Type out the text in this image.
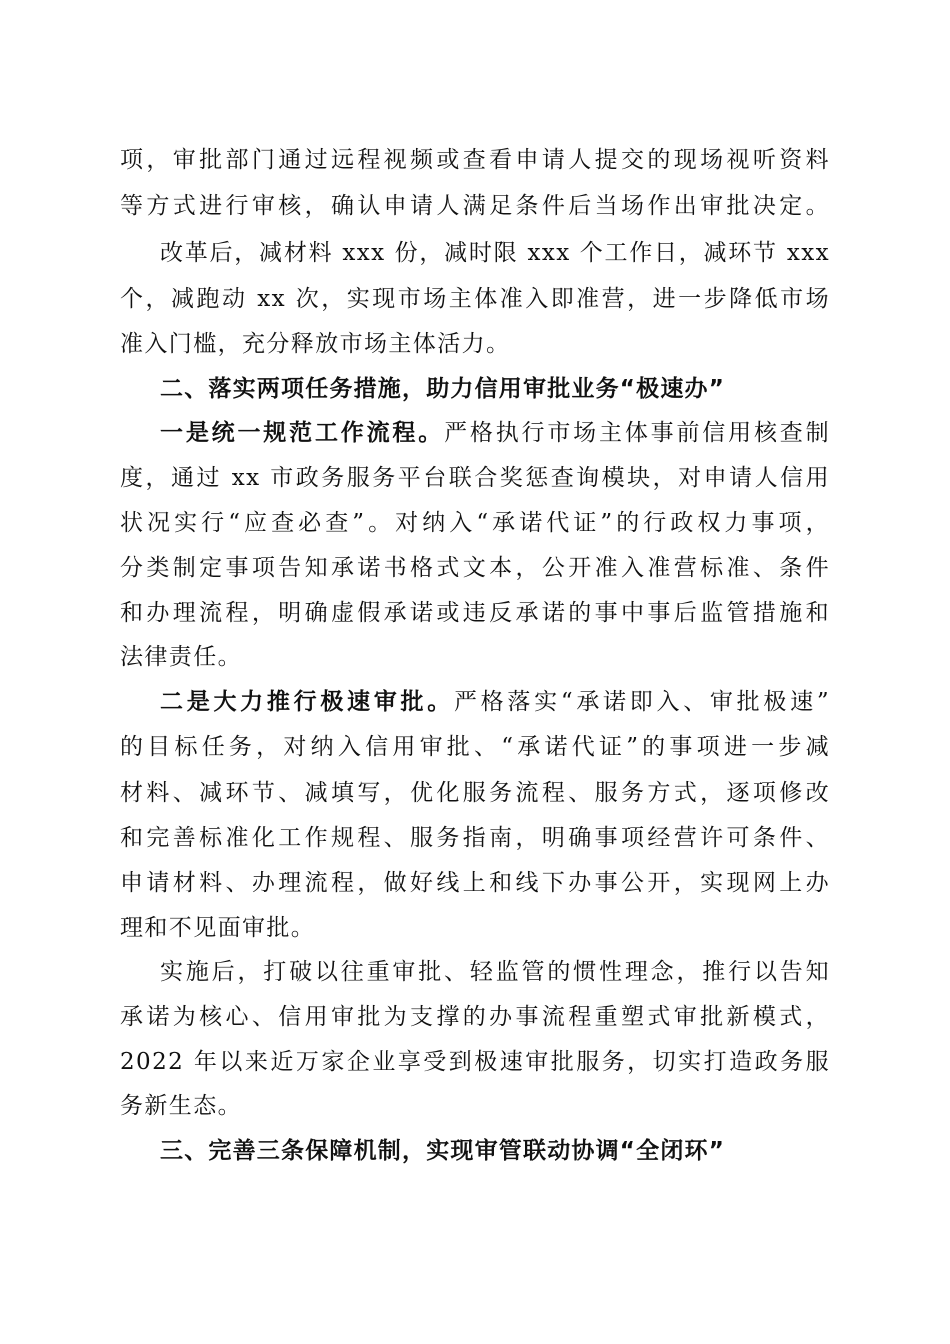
项，审批部门通过远程视频或查看申请人提交的现场视听资料
等方式进行审核，确认申请人满足条件后当场作出审批决定。
改革后，减材料 xxx 份，减时限 xxx 个工作日，减环节 xxx
个，减跑动 xx 次，实现市场主体准入即准营，进一步降低市场
准入门槛，充分释放市场主体活力。
二、落实两项任务措施，助力信用审批业务“极速办”
一是统一规范工作流程。严格执行市场主体事前信用核查制
度，通过 xx 市政务服务平台联合奖惩查询模块，对申请人信用
状况实行“应查必查”。对纳入“承诺代证”的行政权力事项，
分类制定事项告知承诺书格式文本，公开准入准营标准、条件
和办理流程，明确虚假承诺或违反承诺的事中事后监管措施和
法律责任。
二是大力推行极速审批。严格落实“承诺即入、审批极速”
的目标任务，对纳入信用审批、“承诺代证”的事项进一步减
材料、减环节、减填写，优化服务流程、服务方式，逐项修改
和完善标准化工作规程、服务指南，明确事项经营许可条件、
申请材料、办理流程，做好线上和线下办事公开，实现网上办
理和不见面审批。
实施后，打破以往重审批、轻监管的惯性理念，推行以告知
承诺为核心、信用审批为支撑的办事流程重塑式审批新模式，
2022 年以来近万家企业享受到极速审批服务，切实打造政务服
务新生态。
三、完善三条保障机制，实现审管联动协调“全闭环”
